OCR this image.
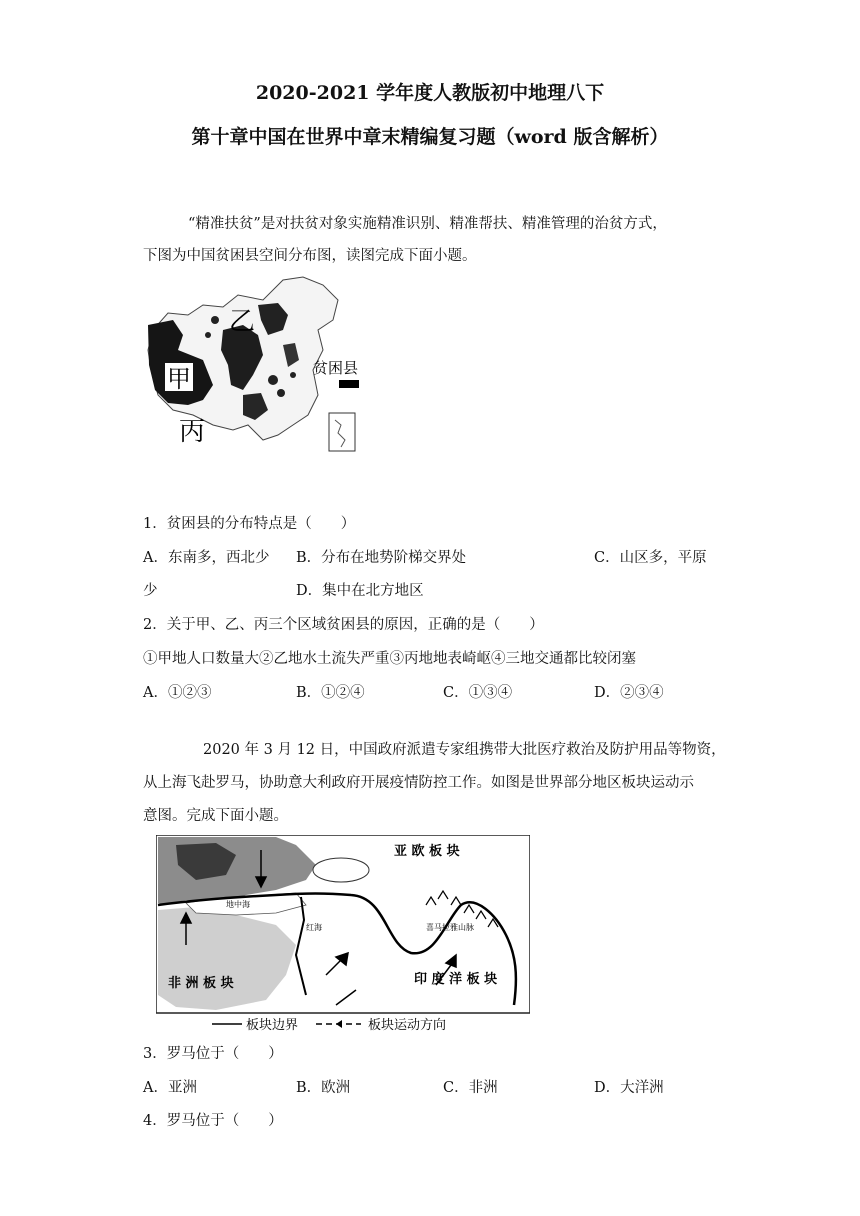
2020-2021 学年度人教版初中地理八下
第十章中国在世界中章末精编复习题（word 版含解析）
“精准扶贫”是对扶贫对象实施精准识别、精准帮扶、精准管理的治贫方式，
下图为中国贫困县空间分布图，读图完成下面小题。
甲
乙
丙
贫困县
1．贫困县的分布特点是（　　）
A．东南多，西北少 B．分布在地势阶梯交界处	C．山区多，平原
少	D．集中在北方地区
2．关于甲、乙、丙三个区域贫困县的原因，正确的是（　　）
①甲地人口数量大②乙地水土流失严重③丙地地表崎岖④三地交通都比较闭塞
A．①②③	B．①②④	C．①③④	D．②③④
2020 年 3 月 12 日，中国政府派遣专家组携带大批医疗救治及防护用品等物资，
从上海飞赴罗马，协助意大利政府开展疫情防控工作。如图是世界部分地区板块运动示
意图。完成下面小题。
亚 欧 板 块
非 洲 板 块	印 度 洋 板 块
喜马拉雅山脉
地中海
红海
板块边界	板块运动方向
3．罗马位于（　　）
A．亚洲	B．欧洲	C．非洲	D．大洋洲
4．罗马位于（　　）
